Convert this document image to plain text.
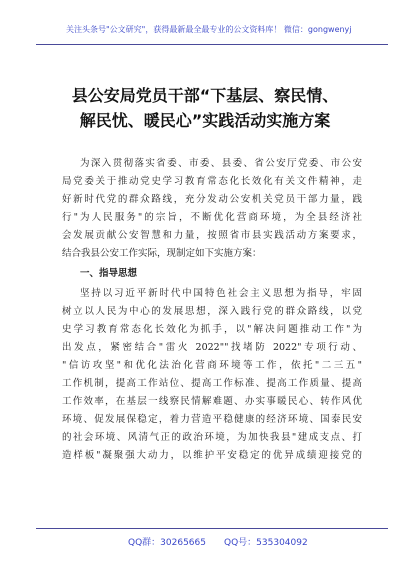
关注头条号"公文研究"，获得最新最全最专业的公文资料库！ 微信：gongwenyj
县公安局党员干部“下基层、察民情、
解民忧、暖民心”实践活动实施方案
为深入贯彻落实省委、市委、县委、省公安厅党委、市公安
局党委关于推动党史学习教育常态化长效化有关文件精神，走
好新时代党的群众路线，充分发动公安机关党员干部力量，践
行"为人民服务"的宗旨，不断优化营商环境，为全县经济社
会发展贡献公安智慧和力量，按照省市县实践活动方案要求，
结合我县公安工作实际，现制定如下实施方案：
一、指导思想
坚持以习近平新时代中国特色社会主义思想为指导，牢固
树立以人民为中心的发展思想，深入践行党的群众路线，以党
史学习教育常态化长效化为抓手，以"解决问题推动工作"为
出发点，紧密结合"雷火 2022""找堵防 2022"专项行动、
"信访攻坚"和优化法治化营商环境等工作，依托"二三五"
工作机制，提高工作站位、提高工作标准、提高工作质量、提高
工作效率，在基层一线察民情解难题、办实事暖民心、转作风优
环境、促发展保稳定，着力营造平稳健康的经济环境、国泰民安
的社会环境、风清气正的政治环境，为加快我县"建成支点、打
造样板"凝聚强大动力，以维护平安稳定的优异成绩迎接党的
QQ群：30265665 QQ号：535304092
